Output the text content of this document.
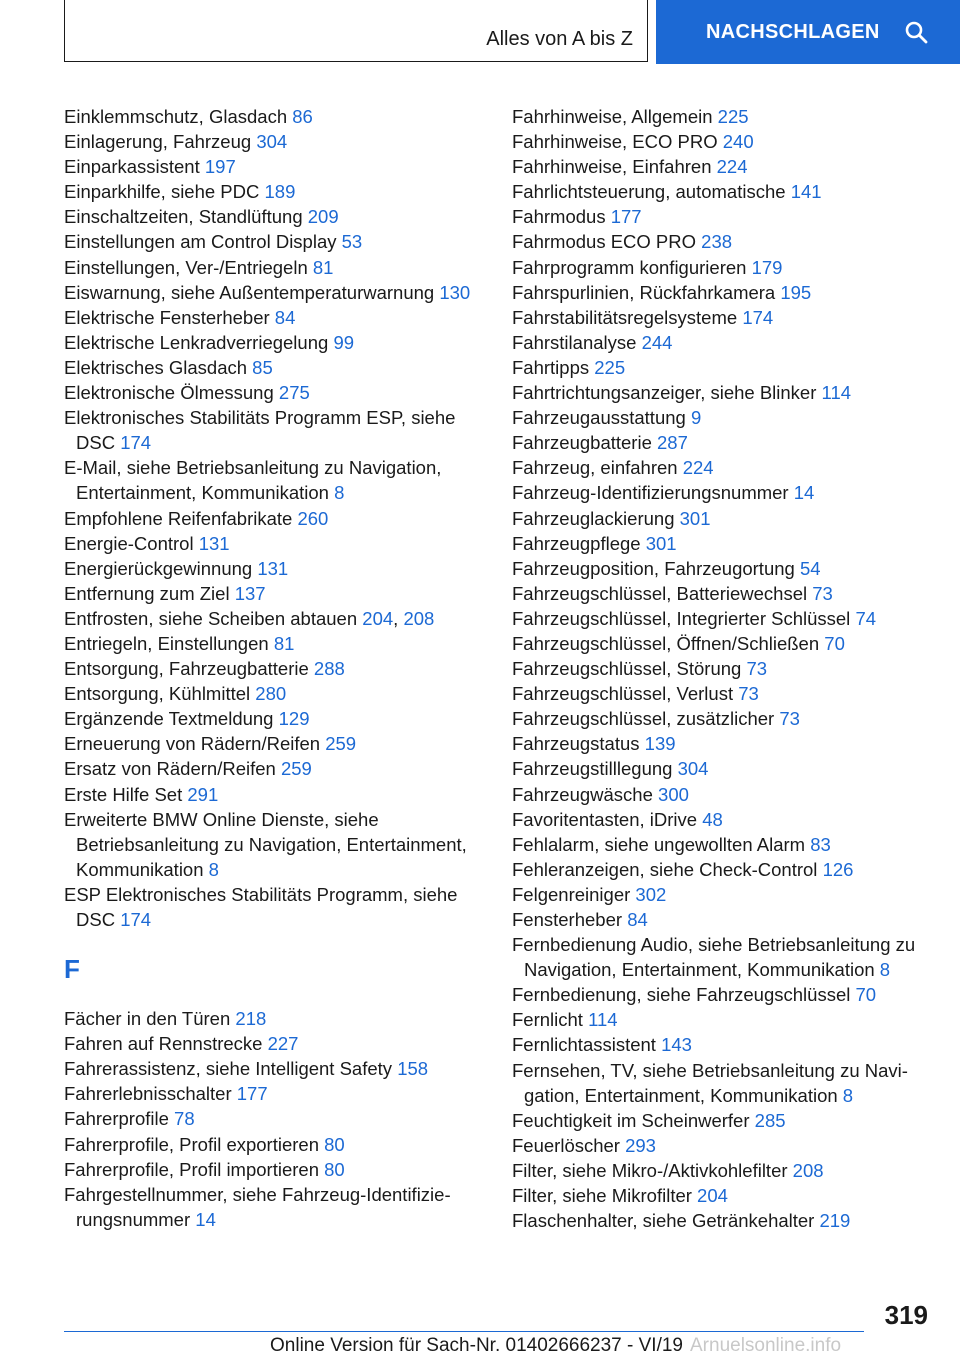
Alles von A bis Z	NACHSCHLAGEN
Einklemmschutz, Glasdach 86
Einlagerung, Fahrzeug 304
Einparkassistent 197
Einparkhilfe, siehe PDC 189
Einschaltzeiten, Standlüftung 209
Einstellungen am Control Display 53
Einstellungen, Ver-/Entriegeln 81
Eiswarnung, siehe Außentemperaturwarnung 130
Elektrische Fensterheber 84
Elektrische Lenkradverriegelung 99
Elektrisches Glasdach 85
Elektronische Ölmessung 275
Elektronisches Stabilitäts Programm ESP, siehe DSC 174
E-Mail, siehe Betriebsanleitung zu Navigation, Entertainment, Kommunikation 8
Empfohlene Reifenfabrikate 260
Energie-Control 131
Energierückgewinnung 131
Entfernung zum Ziel 137
Entfrosten, siehe Scheiben abtauen 204, 208
Entriegeln, Einstellungen 81
Entsorgung, Fahrzeugbatterie 288
Entsorgung, Kühlmittel 280
Ergänzende Textmeldung 129
Erneuerung von Rädern/Reifen 259
Ersatz von Rädern/Reifen 259
Erste Hilfe Set 291
Erweiterte BMW Online Dienste, siehe Betriebsanleitung zu Navigation, Entertainment, Kommunikation 8
ESP Elektronisches Stabilitäts Programm, siehe DSC 174
F
Fächer in den Türen 218
Fahren auf Rennstrecke 227
Fahrerassistenz, siehe Intelligent Safety 158
Fahrerlebnisschalter 177
Fahrerprofile 78
Fahrerprofile, Profil exportieren 80
Fahrerprofile, Profil importieren 80
Fahrgestellnummer, siehe Fahrzeug-Identifizierungsnummer 14
Fahrhinweise, Allgemein 225
Fahrhinweise, ECO PRO 240
Fahrhinweise, Einfahren 224
Fahrlichtsteuerung, automatische 141
Fahrmodus 177
Fahrmodus ECO PRO 238
Fahrprogramm konfigurieren 179
Fahrspurlinien, Rückfahrkamera 195
Fahrstabilitätsregelsysteme 174
Fahrstilanalyse 244
Fahrtipps 225
Fahrtrichtungsanzeiger, siehe Blinker 114
Fahrzeugausstattung 9
Fahrzeugbatterie 287
Fahrzeug, einfahren 224
Fahrzeug-Identifizierungsnummer 14
Fahrzeuglackierung 301
Fahrzeugpflege 301
Fahrzeugposition, Fahrzeugortung 54
Fahrzeugschlüssel, Batteriewechsel 73
Fahrzeugschlüssel, Integrierter Schlüssel 74
Fahrzeugschlüssel, Öffnen/Schließen 70
Fahrzeugschlüssel, Störung 73
Fahrzeugschlüssel, Verlust 73
Fahrzeugschlüssel, zusätzlicher 73
Fahrzeugstatus 139
Fahrzeugstilllegung 304
Fahrzeugwäsche 300
Favoritentasten, iDrive 48
Fehlalarm, siehe ungewollten Alarm 83
Fehleranzeigen, siehe Check-Control 126
Felgenreiniger 302
Fensterheber 84
Fernbedienung Audio, siehe Betriebsanleitung zu Navigation, Entertainment, Kommunikation 8
Fernbedienung, siehe Fahrzeugschlüssel 70
Fernlicht 114
Fernlichtassistent 143
Fernsehen, TV, siehe Betriebsanleitung zu Navigation, Entertainment, Kommunikation 8
Feuchtigkeit im Scheinwerfer 285
Feuerlöscher 293
Filter, siehe Mikro-/Aktivkohlefilter 208
Filter, siehe Mikrofilter 204
Flaschenhalter, siehe Getränkehalter 219
319
Online Version für Sach-Nr. 01402666237 - VI/19 Arnuelsonline.info
